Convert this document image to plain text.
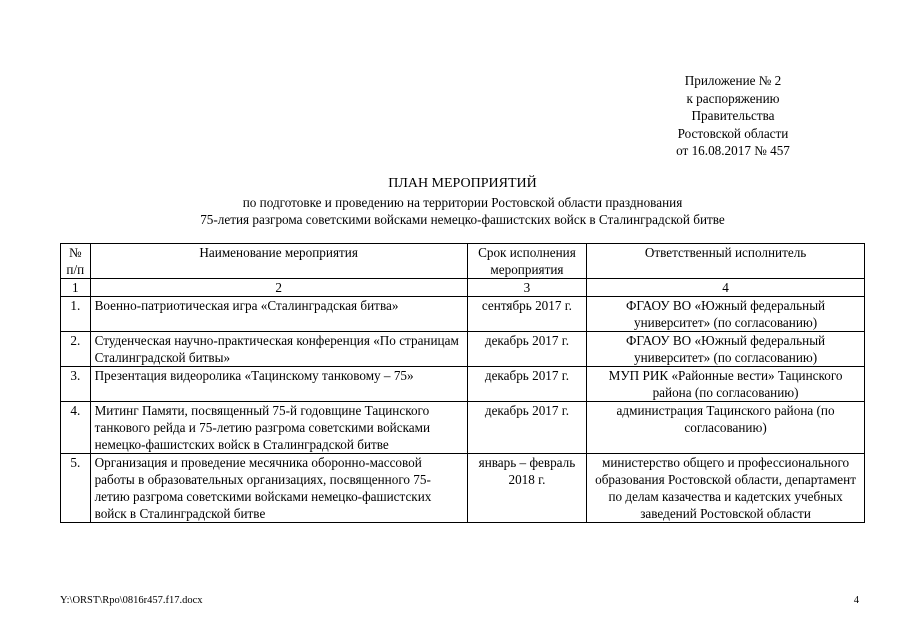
Приложение № 2
к распоряжению
Правительства
Ростовской области
от 16.08.2017 № 457
ПЛАН МЕРОПРИЯТИЙ
по подготовке и проведению на территории Ростовской области празднования
75-летия разгрома советскими войсками немецко-фашистских войск в Сталинградской битве
№ п/п	Наименование мероприятия	Срок исполнения мероприятия	Ответственный исполнитель
1	2	3	4
1.	Военно-патриотическая игра «Сталинградская битва»	сентябрь 2017 г.	ФГАОУ ВО «Южный федеральный университет» (по согласованию)
2.	Студенческая научно-практическая конференция «По страницам Сталинградской битвы»	декабрь 2017 г.	ФГАОУ ВО «Южный федеральный университет» (по согласованию)
3.	Презентация видеоролика «Тацинскому танковому – 75»	декабрь 2017 г.	МУП РИК «Районные вести» Тацинского района (по согласованию)
4.	Митинг Памяти, посвященный 75-й годовщине Тацинского танкового рейда и 75-летию разгрома советскими войсками немецко-фашистских войск в Сталинградской битве	декабрь 2017 г.	администрация Тацинского района (по согласованию)
5.	Организация и проведение месячника оборонно-массовой работы в образовательных организациях, посвященного 75-летию разгрома советскими войсками немецко-фашистских войск в Сталинградской битве	январь – февраль 2018 г.	министерство общего и профессионального образования Ростовской области, департамент по делам казачества и кадетских учебных заведений Ростовской области
Y:\ORST\Rpo\0816r457.f17.docx	4
